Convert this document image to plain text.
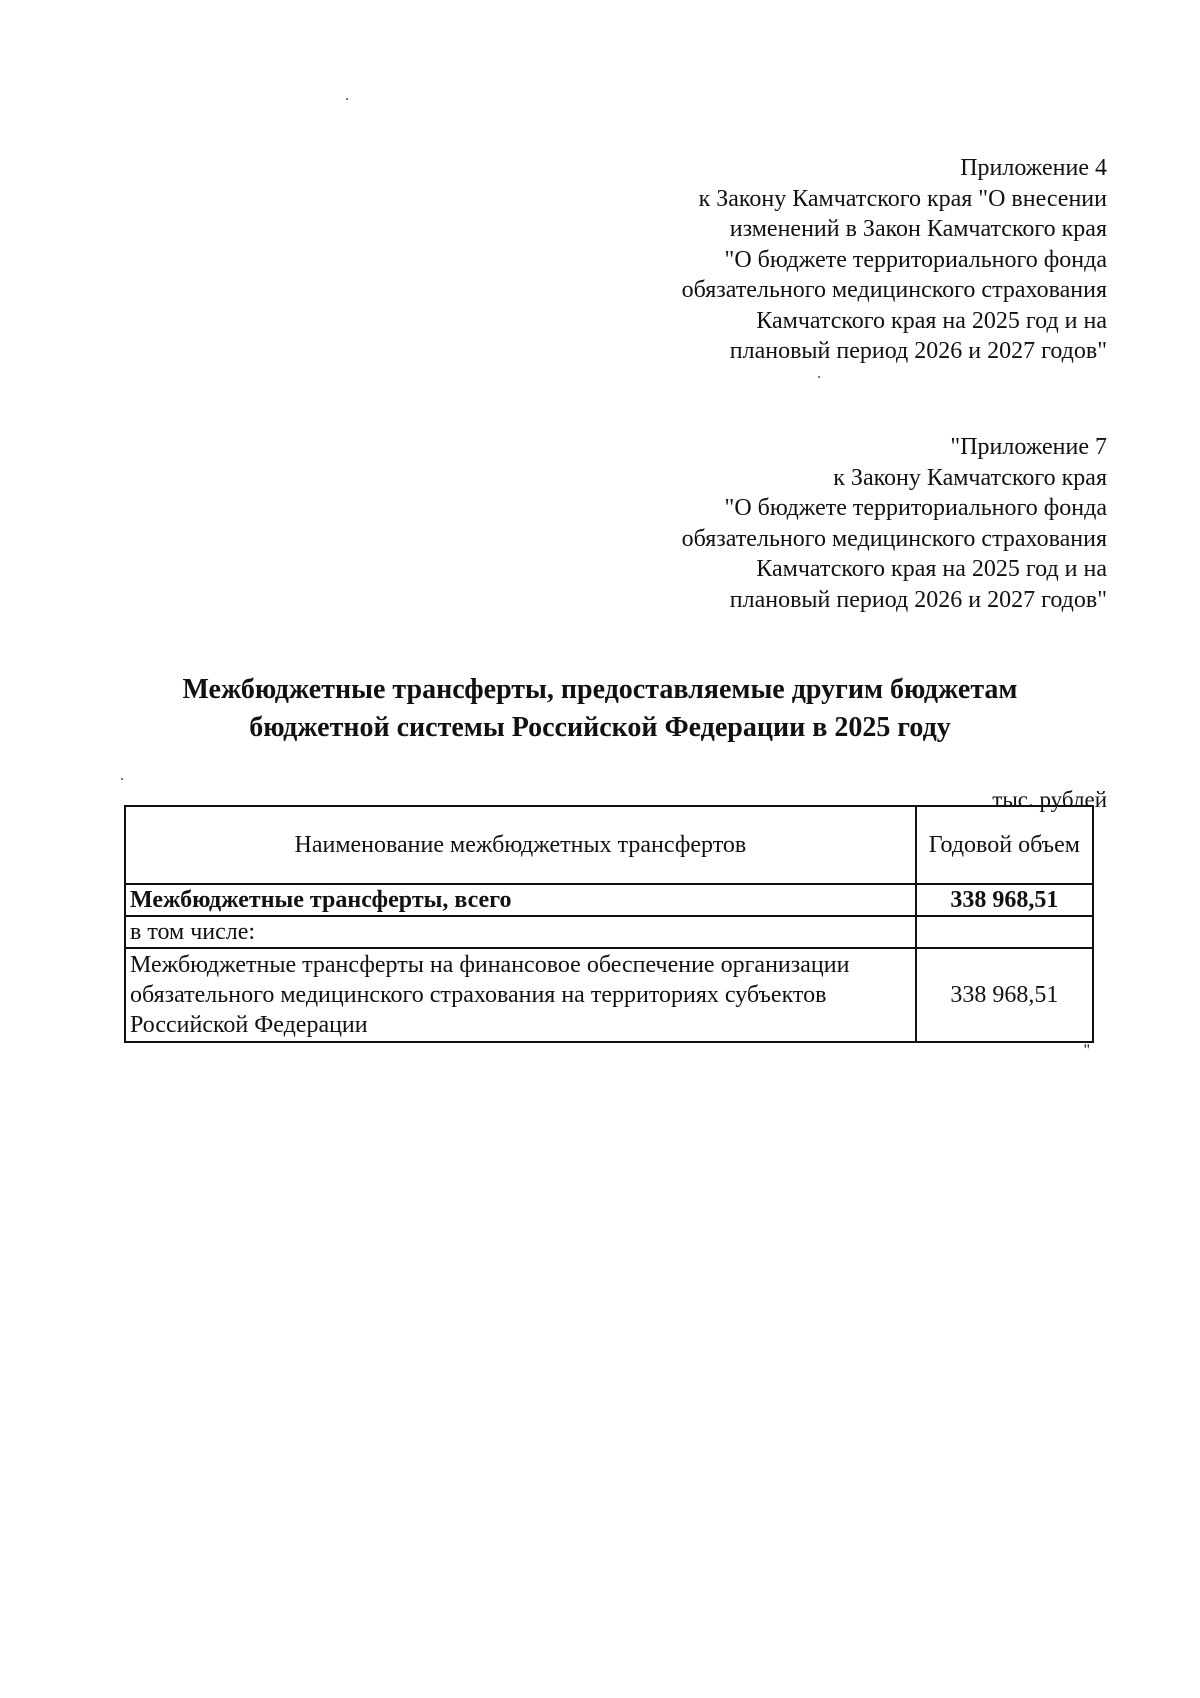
Приложение 4
к Закону Камчатского края "О внесении
изменений в Закон Камчатского края
"О бюджете территориального фонда
обязательного медицинского страхования
Камчатского края на 2025 год и на
плановый период 2026 и 2027 годов"
"Приложение 7
к Закону Камчатского края
"О бюджете территориального фонда
обязательного медицинского страхования
Камчатского края на 2025 год и на
плановый период 2026 и 2027 годов"
Межбюджетные трансферты, предоставляемые другим бюджетам
бюджетной системы Российской Федерации в 2025 году
тыс. рублей
Наименование межбюджетных трансфертов	Годовой объем
Межбюджетные трансферты, всего	338 968,51
в том числе:	
Межбюджетные трансферты на финансовое обеспечение организации обязательного медицинского страхования на территориях субъектов Российской Федерации	338 968,51
"
